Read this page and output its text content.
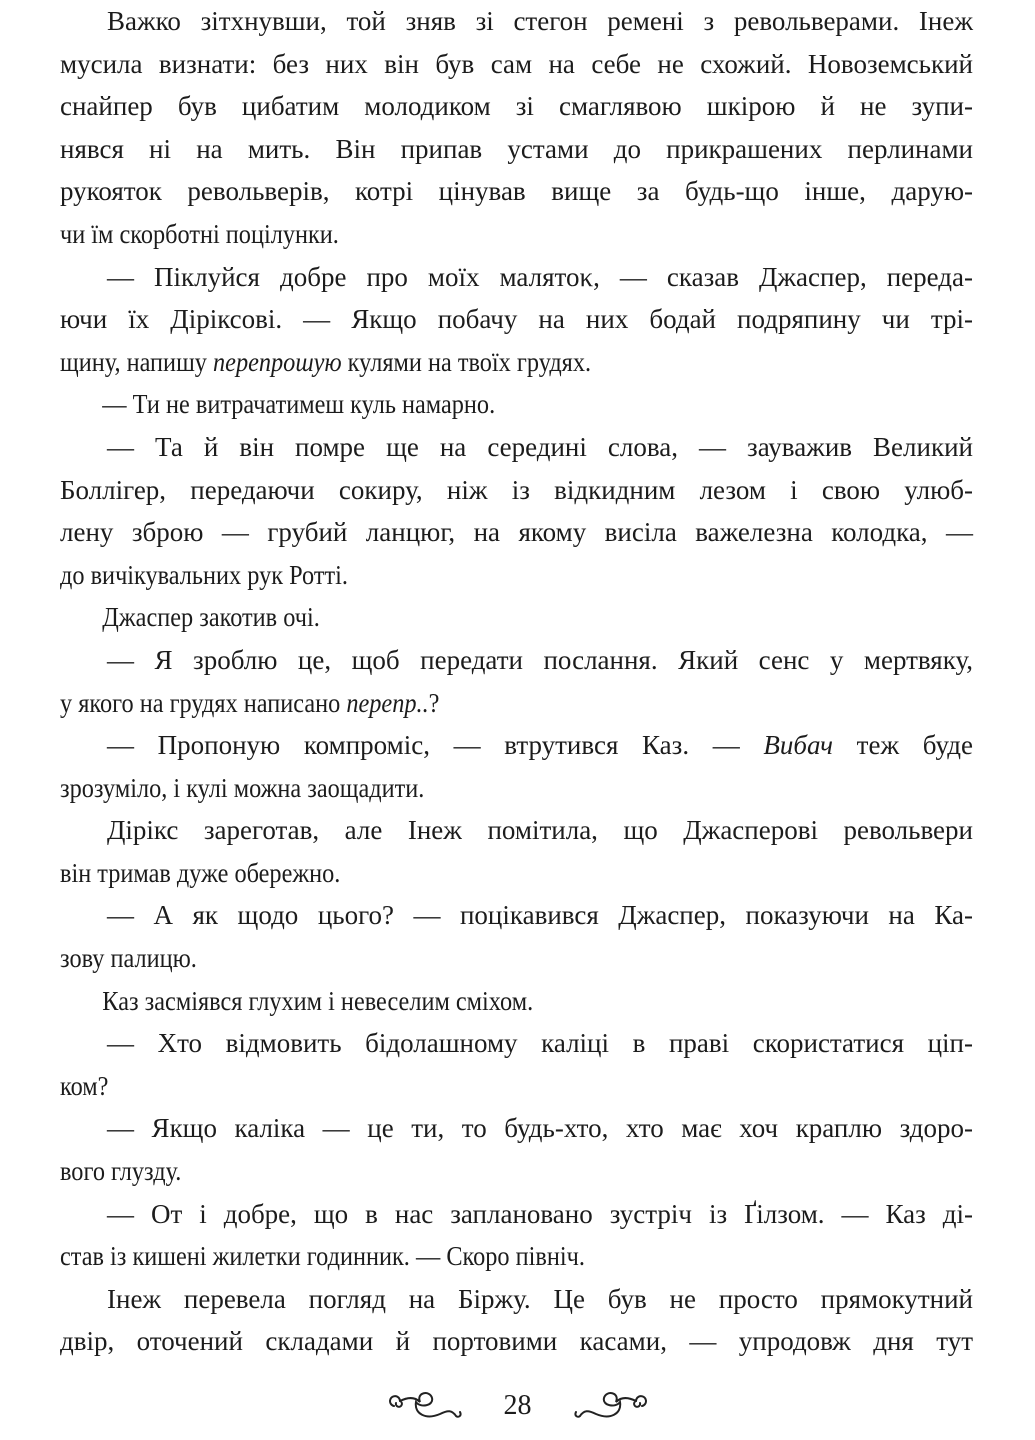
Важко зітхнувши, той зняв зі стегон ремені з револьверами. Інеж
мусила визнати: без них він був сам на себе не схожий. Новоземський
снайпер був цибатим молодиком зі смаглявою шкірою й не зупи-
нявся ні на мить. Він припав устами до прикрашених перлинами
рукояток револьверів, котрі цінував вище за будь-що інше, дарую-
чи їм скорботні поцілунки.
— Піклуйся добре про моїх малятоκ, — сказав Джаспер, переда-
ючи їх Діріксові. — Якщо побачу на них бодай подряпину чи трі-
щину, напишу перепрошую кулями на твоїх грудях.
— Ти не витрачатимеш куль намарно.
— Та й він помре ще на середині слова, — зауважив Великий
Боллігер, передаючи сокиру, ніж із відкидним лезом і свою улюб-
лену зброю — грубий ланцюг, на якому висіла важелезна колодка, —
до вичікувальних рук Ротті.
Джаспер закотив очі.
— Я зроблю це, щоб передати послання. Який сенс у мертвяку,
у якого на грудях написано перепр..?
— Пропоную компроміс, — втрутився Каз. — Вибач теж буде
зрозуміло, і кулі можна заощадити.
Дірікс зареготав, але Інеж помітила, що Джасперові револьвери
він тримав дуже обережно.
— А як щодо цього? — поцікавився Джаспер, показуючи на Ка-
зову палицю.
Каз засміявся глухим і невеселим сміхом.
— Хто відмовить бідолашному каліці в праві скористатися ціп-
ком?
— Якщо каліка — це ти, то будь-хто, хто має хоч краплю здоро-
вого глузду.
— От і добре, що в нас заплановано зустріч із Ґілзом. — Каз ді-
став із кишені жилетки годинник. — Скоро північ.
Інеж перевела погляд на Біржу. Це був не просто прямокутний
двір, оточений складами й портовими касами, — упродовж дня тут
28
